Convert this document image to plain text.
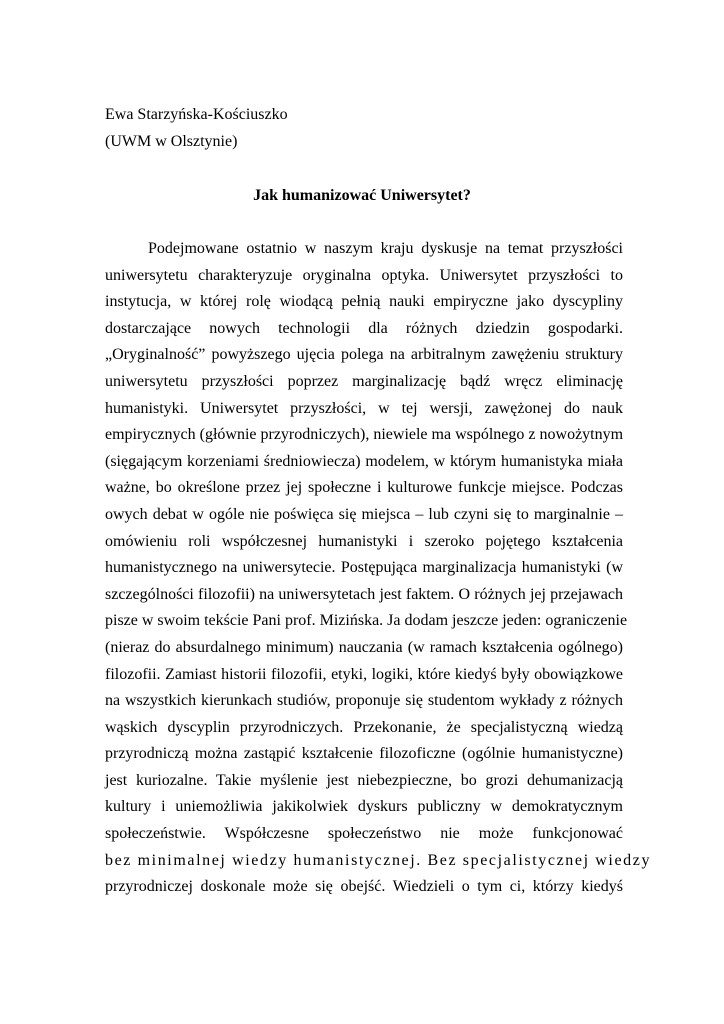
Ewa Starzyńska-Kościuszko
(UWM w Olsztynie)
Jak humanizować Uniwersytet?
Podejmowane ostatnio w naszym kraju dyskusje na temat przyszłości
uniwersytetu charakteryzuje oryginalna optyka. Uniwersytet przyszłości to
instytucja, w której rolę wiodącą pełnią nauki empiryczne jako dyscypliny
dostarczające nowych technologii dla różnych dziedzin gospodarki.
„Oryginalność” powyższego ujęcia polega na arbitralnym zawężeniu struktury
uniwersytetu przyszłości poprzez marginalizację bądź wręcz eliminację
humanistyki. Uniwersytet przyszłości, w tej wersji, zawężonej do nauk
empirycznych (głównie przyrodniczych), niewiele ma wspólnego z nowożytnym
(sięgającym korzeniami średniowiecza) modelem, w którym humanistyka miała
ważne, bo określone przez jej społeczne i kulturowe funkcje miejsce. Podczas
owych debat w ogóle nie poświęca się miejsca – lub czyni się to marginalnie –
omówieniu roli współczesnej humanistyki i szeroko pojętego kształcenia
humanistycznego na uniwersytecie. Postępująca marginalizacja humanistyki (w
szczególności filozofii) na uniwersytetach jest faktem. O różnych jej przejawach
pisze w swoim tekście Pani prof. Mizińska. Ja dodam jeszcze jeden: ograniczenie
(nieraz do absurdalnego minimum) nauczania (w ramach kształcenia ogólnego)
filozofii. Zamiast historii filozofii, etyki, logiki, które kiedyś były obowiązkowe
na wszystkich kierunkach studiów, proponuje się studentom wykłady z różnych
wąskich dyscyplin przyrodniczych. Przekonanie, że specjalistyczną wiedzą
przyrodniczą można zastąpić kształcenie filozoficzne (ogólnie humanistyczne)
jest kuriozalne. Takie myślenie jest niebezpieczne, bo grozi dehumanizacją
kultury i uniemożliwia jakikolwiek dyskurs publiczny w demokratycznym
społeczeństwie. Współczesne społeczeństwo nie może funkcjonować
bez minimalnej wiedzy humanistycznej. Bez specjalistycznej wiedzy
przyrodniczej doskonale może się obejść. Wiedzieli o tym ci, którzy kiedyś
